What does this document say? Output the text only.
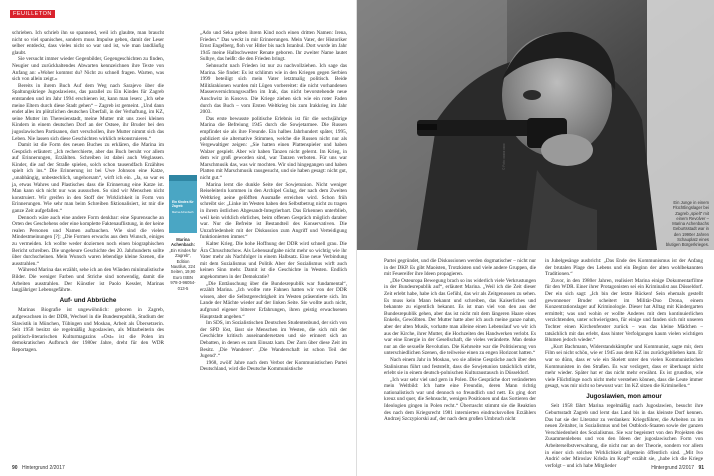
FEUILLETON

schrieben. Ich schrieb ihn so spannend, weil ich glaubte, man braucht nicht so viel spanisches, sondern muss Impulse geben, damit der Leser selber entdeckt, dass vieles nicht so war und ist, wie man landläufig glaubt.

Sie versucht immer wieder Gegenbilder, Gegengeschichten zu finden, Neugier und zurückhaltendes Abwarten kennzeichnen ihre Texte von Anfang an: »Woher kommst du? Nicht zu schnell fragen. Warten, was sich von allein zeigt.«

Bereits in ihrem Buch Auf dem Weg nach Sarajevo über die Spaltungskriege Jugoslawiens, das parallel zu Ein Kindes für Zagreb entstanden und im Jahr 1994 erschienen ist, kann man lesen: „Ich sehe meine Eltern durch diese Stadt gehen“ – Zagreb ist gemeint. „Und dann endet alles im plötzlichen deutschen Überfall, in der Verhaftung, im KZ, seine Mutter im Theresienstadt, meine Mutter mit uns zwei kleinen Kindern in einem deutschen Dorf an der Ostsee, ihr Bruder bei den jugoslawischen Partisanen, dort verschollen, ihre Mutter nimmt sich das Leben. Nie lassen sich diese Geschichten wirklich rekonstruieren.“

Damit ist die Form des neuen Buches zu erklären, die Marina im Gespräch erläutert: „Ich recherchierte, aber das Buch beruht vor allem auf Erinnerungen, Erzählten. Schreiben ist dabei auch Weglassen. Kinder, die auf der Straße spielen, solch schon tausendfach Erzähltes spielt ich ins.“ Die Erinnerung ist bei Uwe Johnson eine Katze, „unabhängig, unbestechlich, ungehorsam“, wirft ich ein. „Ja, so war es ja, etwas Wahres und Plastisches dass die Erinnerung eine Katze ist. Man kann sich nicht nur was aussuchen. So sind wir Menschen nicht konstruiert. Wir greifen in den Stoff der Wirklichkeit in Form von Erinnerungen. Wie sehr man beim Schreiben fiktionalisiert, ist mir die ganze Zeit aufgefallen.“

Dennoch wäre auch eine andere Form denkbar: eine Spurensuche an Orten des Geschehens oder eine komplette Faktenauflistung, in der keine realen Personen und Namen auftauchen. Wie sind die vielen Mindestmeinungen [?]: „Die Formen erwuchs aus dem Wunsch, einiges zu vermeiden. Ich wollte weder doziernen noch einen biographischen Bericht schreiben. Die ungeheure Geschichte des 20. Jahrhunderts sollte über durchscheinen. Mein Wunsch waren lebendige kleine Szenen, die ausstrahlen.“

Während Marina das erzählt, sehe ich an den Wänden minimalistische Bilder. Die weniger Farben und Striche sind notwendig, damit die Arbeiten ausstrahlen. Der Künstler ist Paolo Kessler, Marinas langjähriger Lebensgefährte.

Auf- und Abbrüche

Marinas Biografie ist ungewöhnlich: geboren in Zagreb, aufgewachsen in der DDR, Wechsel in die Bundesrepublik, Studium der Slawistik in München, Tübingen und Moskau, Arbeit als Übersetzerin. Seit 1958 besitzt sie regelmäßig Jugoslawien, als Mitarbeiterin des politisch-literarischen Kulturmagazins »Ost« ist die Polen im demokratischen Aufbruch der 1980er Jahre, dreht für den WDR Reportagen.

Ein Kindes für Zagreb
Marina Achenbach
Marina Achenbach:
„Ein Kindes für Zagreb“, Edition Nautilus, 224 Seiten, 19,90 Euro ISBN 978-3-96054-013-5

„Ado und Seka geben ihrem Kind noch einen dritten Namen: Irena, Frieden.“ Das weckt in mir Erinnerungen. Mein Vater, der Historiker Ernst Engelberg, floh vor Hitler bis nach Istanbul. Dort wurde im Jahr 1945 meine Halbschwester Renate geboren. Ihr zweiter Name lautet Sulhye, das heißt: die den Frieden bringt.

Sehnsucht nach Frieden ist nur zu nachvollziehen. Ich sage das Marina. Sie findet: Es ist schlimm wie in den Kriegen gegen Serbien 1999 beteiligt sich mein Vater letztmalig politisch. Beide Militärakionen wurden mit Lügen vorbereitet: die nicht vorhandenen Massenvernichtungswaffen im Irak, das nicht bevorstehende neue Auschwitz in Kosovo. Die Kriege ziehen sich wie ein roter Faden durch das Buch – vom Ersten Weltkrieg bis zum Irakkrieg im Jahr 2003.

Das erste bewusste politische Erlebnis ist für die sechsjährige Marina die Befreiung 1945 durch die Sowjetarmee. Die Russen empfindet sie als ihre Freunde. Ein halbes Jahrhundert später, 1995, publiziert sie alternative Stimmen, welche die Russen nicht nur als Vergewaltiger zeigen: „Sie hatten einen Plattenspieler und haben Walzer gespielt. Aber wir haben Tanzen nicht gelernt. Im Krieg, in dem wir groß geworden sind, war Tanzen verboten. Für uns war Marschmusik das, was wir mochten. Wir sind hingegangen und haben Platten mit Marschmusik rausgesucht, und sie haben gesagt: nicht gut, nicht gut.“

Marina lernt die dunkle Seite der Sowjetunion. Nicht weniger Reiseleiterin kommen in den Archipel Gulag, der nach dem Zweiten Weltkrieg aeine gelöfften Ausmaße erreichen wird. Schon früh schreibt sie: „Linke im Westen haben den Selbstbetrug nicht zu tragen in ihrem östlichen Abgesandt-Integrierbart. Das Erkennen unterblieb, weil kein wirklich ehrliches, beim offenen Gespräch möglich daraber war. Nur die Befreite ist Bestandteil des Konservativen. Die Unzufriedenheit mit der Diskussion zum Angriff und Verteidigung funktionierten immer.“

Kalter Krieg. Die hohe Hoffnung der DDR wird schnell grau. Die Ära Chruschtschow. Als Lebensaufgabe nicht mehr so wichtig wie ihr Vater mehr als Nachfolger in einem Halbsatz. Eine neue Verbindung mit dem Sozialismus und Politik Aber der Sozialismus wirft auch keinen Sinn mehr. Damit ist die Geschichte in Westen. Endlich angekommen in der Demokratie?

„Die Enttäuschung über die Bundesrepublik war fundamental“, erzählt Marina. „Ich wollte rote Fahnen hatten wir von der DDR wissen, aber die Selbstgerechtigkeit im Westen präsentierte sich. Im Lande der Mächte wieder auf der linken Seite. Sie wollte auch nicht, aufgrund eigener bitterer Erfahrungen, ihren geistig erwachsenen Hauptstadt angeben.“

Im SDS, im Sozialistischen Deutschen Studentenbund, der sich von der SPD löst, lässt sie Menschen im Westen, die sich mit der Geschichte kritisch auseinandersetzen und sie erinnert sich an Debatten, in denen es zum Einsatz kam. Der Zorn über diese Zeit im Besitz. ‚Die Wanderer‘. ‚Die Wanderschaft ist schon Teil der Jugend‘.“

1968, zwölf Jahre nach dem Verbot der Kommunistischen Partei Deutschland, wird die Deutsche Kommunistische

90 Hintergrund 2/2017
© Foto: xxxxx xxxx
Ein Junge in einem Flüchtlingslager bei Zagreb „spielt“ mit einem Revolver – Marina Achenbachs Geburtsstadt war in den 1990er Jahren Schauplatz eines blutigen Bürgerkrieges.
Hintergrund 2/2017 91

Partei gegründet, und die Diskussionen werden dogmatischer – nicht nur in der DKP. Es gibt Maoisten, Trotzkisten und viele andere Gruppen, die mit Feuereifer ihre Ideen propagieren.

„Die Osteuropa Bewegung brach so ins widerlich viele Verkrustungen in der Bundesrepublik auf“, erläutert Marina. „Weil ich die Zeit dieser Zeit erlebt habe, habe ich das Gefühl, das wir als Zeitgenossen zu sehen. Es muss kein Mann bekannt und schreiben, das Kaiserliches und bekannte zu eigentlich bekannt. Es ist man viel von den aus der Bundesrepublik gehen, aber das ist nicht mit dem längeren Haare eines Enkelis, Gewölbten. Der Mutter hatte aber ich auch meine ganze nahm, aber der alten Musik, vorhatte man alleine einen Lebenslauf wo wir ich aus der Kirche, ihrer Mutter, die Hochzeiten des Handwerken verlobt. Es war eine Energie in der Gesellschaft, die vieles veränderte. Man denke nur an die sexuelle Revolution. Die Kehrseite war die Politisierung von unterschiedlichen Szenen, die teilweise einen zu engen Horizont hatten.“

Nach einem Jahr in Moskau, wo sie alleine Gespräche auch über den Stalinismus führt und feststellt, dass die Sowjetunion tatsächlich stirbt, erlebt sie in einem deutsch-polnischen Kulturaustausch in Düsseldorf.

„Ich war sehr viel und gern in Polen. Die Gespräche dort veränderten mein Weltbild: Ich hatte eine Freundin, deren Mann richtig nationalistisch war und dennoch so freundlich und nett. Es ging dort kreuz und quer, die Sehnsucht, wenigen Positionen und das Sortieren der Ideologien gingen in Polen recht.“ Überrascht stimmt sie die Reaktion des nach dem Kriegsrecht 1981 internierten eindrucksvollen Erzählers Andrzej Szczypiorski auf, der nach dem großen Umbruch nicht

in Jubelgesänge ausbricht: „Das Ende des Kommunismus ist der Anfang der brutalen Plage des Lebens und ein Beginn der alten wohlbekannten Traditionen.“

Zuvor, in den 1980er Jahren, realisiert Marina einige Dokumentarfilme für den WDR. Einer ihrer Protagonisten sei ein Kriminalist aus Düsseldorf. Der ein sich sagt: „Ich bin der letzte Rücken! Sein ehemals gestellt gewonnener Bruder scheitert im Militär-Duo Drona, einem Konzentrationslager auf Kriminologie. Dieser hat Alltag mit Kindergarten ermittelt; was und wohin er wollte Anderes mit dem kontinuierlichen verzichtenden, unter schwierigsten, für einige und fanden sich mit unseren Tochter einen Kirchenfenster zurück – was das kleine Mädchen – tatsächlich mit das erlebt, dass hinter Verfolgungen kaum vielen wichtigen Blumen jedoch wieder.“

„Kurt Bachmann, Widerstandskämpfer und Kommunist, sagte mir, dem Film sei nicht schön, wie er 1945 aus dem KZ ins zurückgeblieben kam. Er war so dünn, dass er wie ein Skelett unter den vielen Kommunistischen Kommunisten in den Straßen. Es war verärgert, dass er überhaupt nicht mehr wieder. Später hat er das nicht mehr erwähnt. Es ist grundlos, wie viele Flüchtlinge noch nicht mehr verstehen können, dass die Leute immer gesagt, was mir nicht so bewusst war: Im KZ sitzen die Kriminellen.“

Jugoslawien, mon amour

Seit 1958 fährt Marina regelmäßig nach Jugoslawien, besucht ihre Geburtsstadt Zagreb und lernt das Land bis in das kleinste Dorf kennen. Das hat sie der Literatur zu verdanken: Kriegsführer, die Arbeiten zu im neuen Zeitalter, in Sozialismus und bei Ostblock-Staaten sowie der ganzen Verschiedenheit des Sozialismus. Sie war begeistert von den Projekten des Zusammenlebens und von den Ideen der jugoslawischen Form von Arbeiterselbstverwaltung, die nicht nur an der Theorie, sondern vor allem in einer sich solchen Wirklichkeit allgemein öffentlich sind. „Mit Ivo Andrić oder Miroslav Krleža im Kopf“ erzählt sie, „habe ich die Kriege verfolgt – und ich habe Mitglieder
